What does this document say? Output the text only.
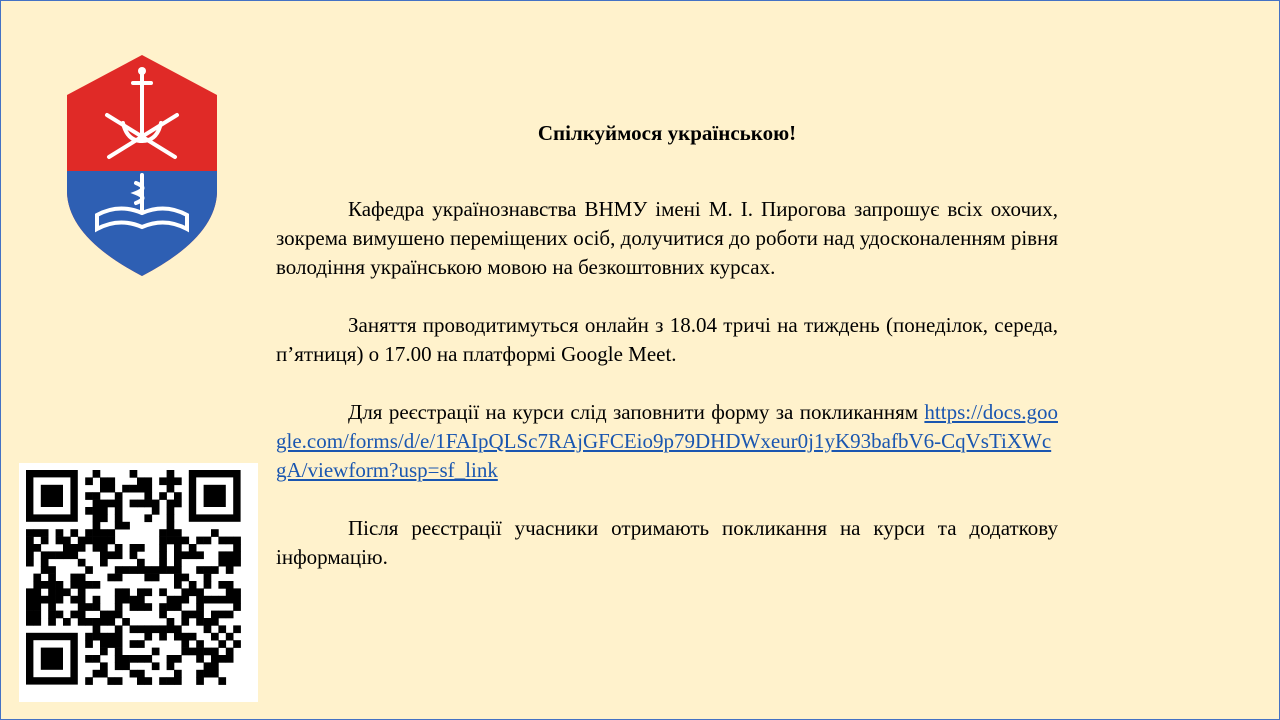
Спілкуймося українською!

Кафедра українознавства ВНМУ імені М. І. Пирогова запрошує всіх охочих, зокрема вимушено переміщених осіб, долучитися до роботи над удосконаленням рівня володіння українською мовою на безкоштовних курсах.

Заняття проводитимуться онлайн з 18.04 тричі на тиждень (понеділок, середа, п’ятниця) о 17.00 на платформі Google Meet.

Для реєстрації на курси слід заповнити форму за покликанням https://docs.google.com/forms/d/e/1FAIpQLSc7RAjGFCEio9p79DHDWxeur0j1yK93bafbV6-CqVsTiXWcgA/viewform?usp=sf_link

Після реєстрації учасники отримають покликання на курси та додаткову інформацію.
